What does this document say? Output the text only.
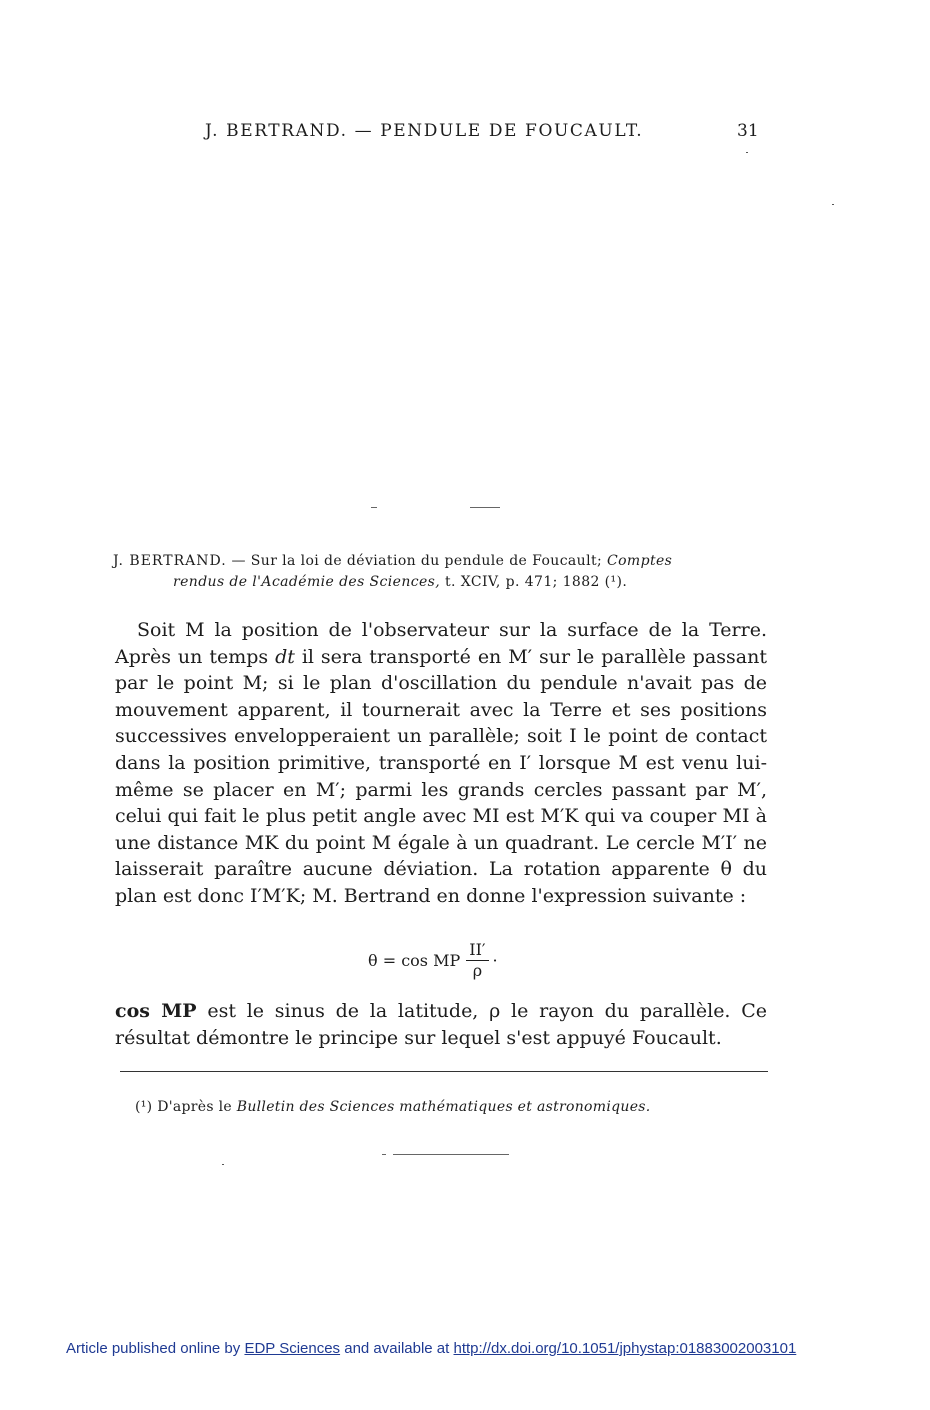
J. BERTRAND. — PENDULE DE FOUCAULT.	31
J. BERTRAND. — Sur la loi de déviation du pendule de Foucault; Comptes
rendus de l'Académie des Sciences, t. XCIV, p. 471; 1882 (¹).

Soit M la position de l'observateur sur la surface de la Terre. Après un temps dt il sera transporté en M′ sur le parallèle passant par le point M; si le plan d'oscillation du pendule n'avait pas de mouvement apparent, il tournerait avec la Terre et ses positions successives envelopperaient un parallèle; soit I le point de contact dans la position primitive, transporté en I′ lorsque M est venu lui-même se placer en M′; parmi les grands cercles passant par M′, celui qui fait le plus petit angle avec MI est M′K qui va couper MI à une distance MK du point M égale à un quadrant. Le cercle M′I′ ne laisserait paraître aucune déviation. La rotation apparente θ du plan est donc I′M′K; M. Bertrand en donne l'expression suivante :

θ = cos MP $\frac{II'}{\rho}$ ·

cos MP est le sinus de la latitude, ρ le rayon du parallèle. Ce résultat démontre le principe sur lequel s'est appuyé Foucault.

(¹) D'après le Bulletin des Sciences mathématiques et astronomiques.
Article published online by EDP Sciences and available at http://dx.doi.org/10.1051/jphystap:01883002003101
